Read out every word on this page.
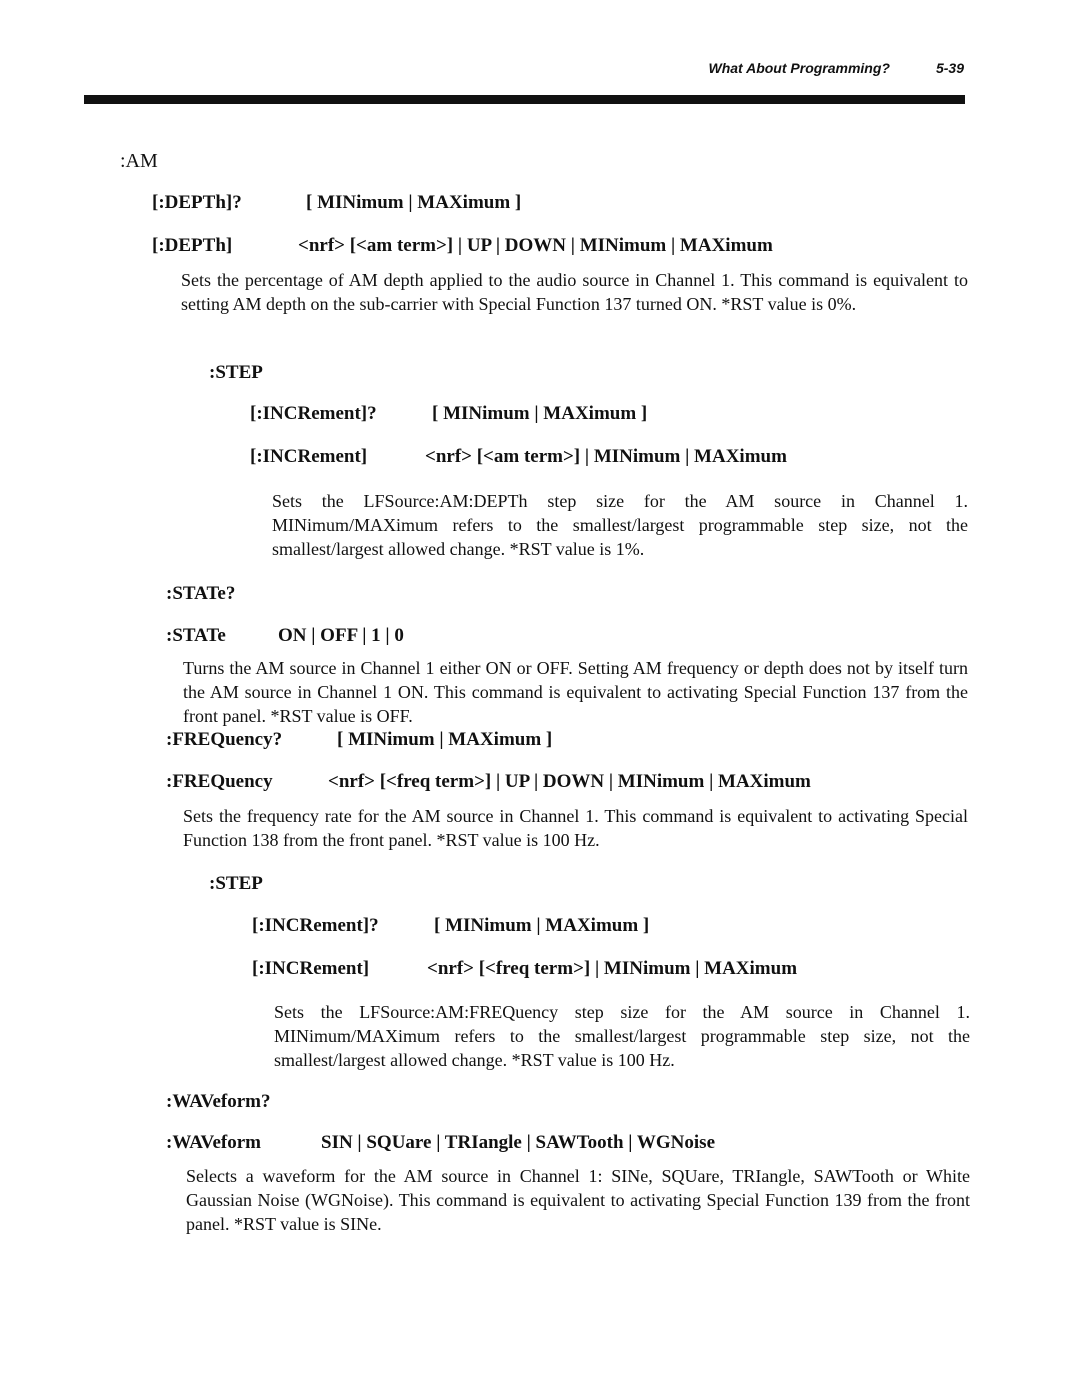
What About Programming?	5-39
:AM
[:DEPTh]?	[ MINimum | MAXimum ]
[:DEPTh]	<nrf> [<am term>] | UP | DOWN | MINimum | MAXimum

Sets the percentage of AM depth applied to the audio source in Channel 1. This command is equivalent to setting AM depth on the sub-carrier with Special Function 137 turned ON. *RST value is 0%.

:STEP
[:INCRement]?	[ MINimum | MAXimum ]
[:INCRement]	<nrf> [<am term>] | MINimum | MAXimum

Sets the LFSource:AM:DEPTh step size for the AM source in Channel 1. MINimum/MAXimum refers to the smallest/largest programmable step size, not the smallest/largest allowed change. *RST value is 1%.

:STATe?
:STATe	ON | OFF | 1 | 0

Turns the AM source in Channel 1 either ON or OFF. Setting AM frequency or depth does not by itself turn the AM source in Channel 1 ON. This command is equivalent to activating Special Function 137 from the front panel. *RST value is OFF.

:FREQuency?	[ MINimum | MAXimum ]
:FREQuency	<nrf> [<freq term>] | UP | DOWN | MINimum | MAXimum

Sets the frequency rate for the AM source in Channel 1. This command is equivalent to activating Special Function 138 from the front panel. *RST value is 100 Hz.

:STEP
[:INCRement]?	[ MINimum | MAXimum ]
[:INCRement]	<nrf> [<freq term>] | MINimum | MAXimum

Sets the LFSource:AM:FREQuency step size for the AM source in Channel 1. MINimum/MAXimum refers to the smallest/largest programmable step size, not the smallest/largest allowed change. *RST value is 100 Hz.

:WAVeform?
:WAVeform	SIN | SQUare | TRIangle | SAWTooth | WGNoise

Selects a waveform for the AM source in Channel 1: SINe, SQUare, TRIangle, SAWTooth or White Gaussian Noise (WGNoise). This command is equivalent to activating Special Function 139 from the front panel. *RST value is SINe.
